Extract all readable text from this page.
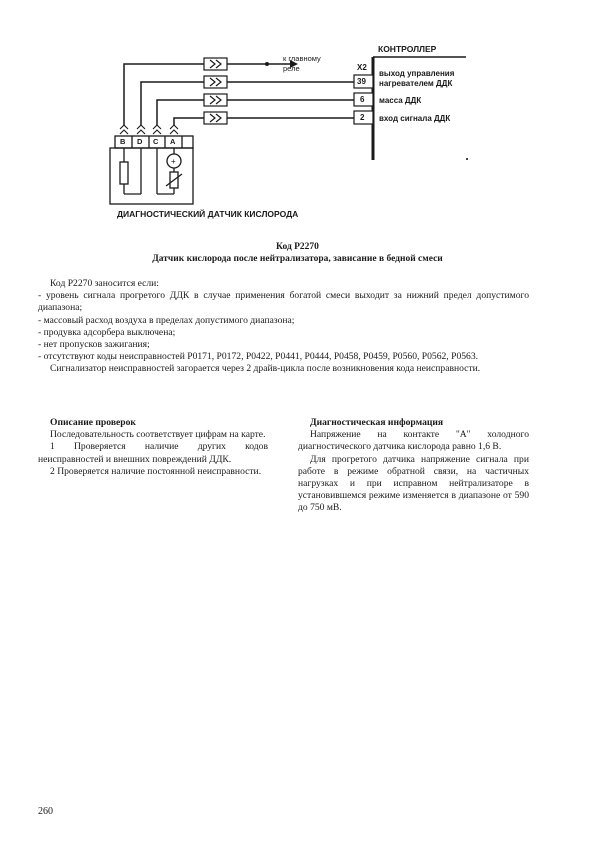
+
КОНТРОЛЛЕР
X2
к главному
реле
39
6
2
выход управления
нагревателем ДДК
масса ДДК
вход сигнала ДДК
B D C A
ДИАГНОСТИЧЕСКИЙ ДАТЧИК КИСЛОРОДА
Код P2270
Датчик кислорода после нейтрализатора, зависание в бедной смеси

Код P2270 заносится если:

- уровень сигнала прогретого ДДК в случае применения богатой смеси выходит за нижний предел допустимого диапазона;

- массовый расход воздуха в пределах допустимого диапазона;

- продувка адсорбера выключена;

- нет пропусков зажигания;

- отсутствуют коды неисправностей P0171, P0172, P0422, P0441, P0444, P0458, P0459, P0560, P0562, P0563.

Сигнализатор неисправностей загорается через 2 драйв-цикла после возникновения кода неисправности.

Описание проверок

Последовательность соответствует цифрам на карте.

1 Проверяется наличие других кодов неисправностей и внешних повреждений ДДК.

2 Проверяется наличие постоянной неисправности.

Диагностическая информация

Напряжение на контакте "A" холодного диагностического датчика кислорода равно 1,6 В.

Для прогретого датчика напряжение сигнала при работе в режиме обратной связи, на частичных нагрузках и при исправном нейтрализаторе в установившемся режиме изменяется в диапазоне от 590 до 750 мВ.

260
